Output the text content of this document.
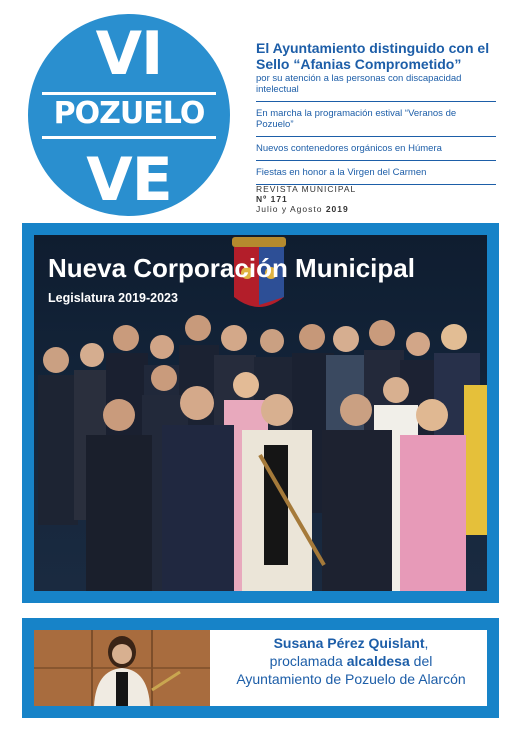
VI
POZUELO
VE
El Ayuntamiento distinguido con el Sello “Afanias Comprometido”
por su atención a las personas con discapacidad intelectual
En marcha la programación estival “Veranos de Pozuelo”
Nuevos contenedores orgánicos en Húmera
Fiestas en honor a la Virgen del Carmen
REVISTA MUNICIPAL
Nº 171
Julio y Agosto 2019
Nueva Corporación Municipal
Legislatura 2019-2023
Susana Pérez Quislant,
proclamada alcaldesa del
Ayuntamiento de Pozuelo de Alarcón
